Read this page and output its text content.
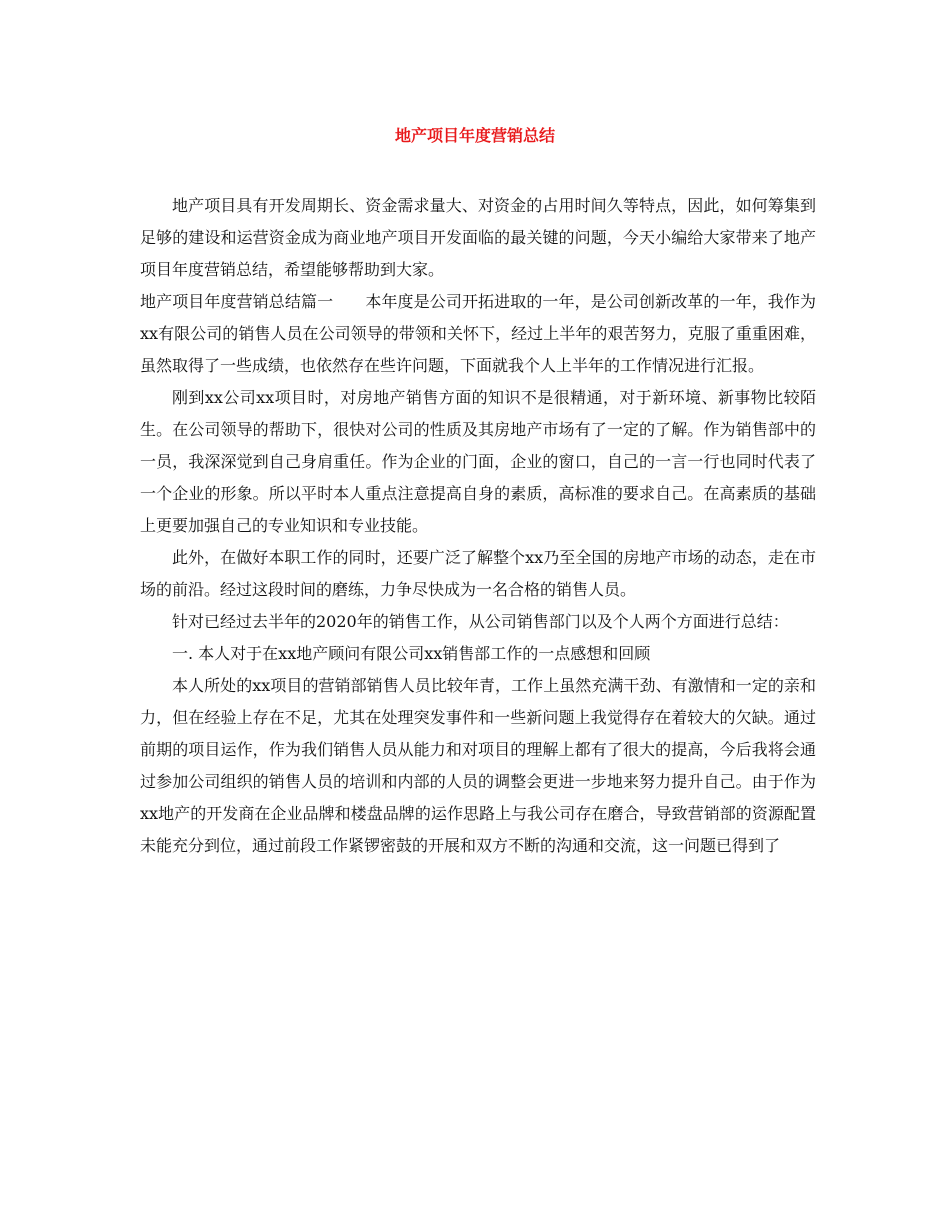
地产项目年度营销总结

地产项目具有开发周期长、资金需求量大、对资金的占用时间久等特点，因此，如何筹集到足够的建设和运营资金成为商业地产项目开发面临的最关键的问题，今天小编给大家带来了地产项目年度营销总结，希望能够帮助到大家。

地产项目年度营销总结篇一　　本年度是公司开拓进取的一年，是公司创新改革的一年，我作为xx有限公司的销售人员在公司领导的带领和关怀下，经过上半年的艰苦努力，克服了重重困难，虽然取得了一些成绩，也依然存在些许问题，下面就我个人上半年的工作情况进行汇报。

刚到xx公司xx项目时，对房地产销售方面的知识不是很精通，对于新环境、新事物比较陌生。在公司领导的帮助下，很快对公司的性质及其房地产市场有了一定的了解。作为销售部中的一员，我深深觉到自己身肩重任。作为企业的门面，企业的窗口，自己的一言一行也同时代表了一个企业的形象。所以平时本人重点注意提高自身的素质，高标准的要求自己。在高素质的基础上更要加强自己的专业知识和专业技能。

此外，在做好本职工作的同时，还要广泛了解整个xx乃至全国的房地产市场的动态，走在市场的前沿。经过这段时间的磨练，力争尽快成为一名合格的销售人员。

针对已经过去半年的2020年的销售工作，从公司销售部门以及个人两个方面进行总结：

一. 本人对于在xx地产顾问有限公司xx销售部工作的一点感想和回顾

本人所处的xx项目的营销部销售人员比较年青，工作上虽然充满干劲、有激情和一定的亲和力，但在经验上存在不足，尤其在处理突发事件和一些新问题上我觉得存在着较大的欠缺。通过前期的项目运作，作为我们销售人员从能力和对项目的理解上都有了很大的提高，今后我将会通过参加公司组织的销售人员的培训和内部的人员的调整会更进一步地来努力提升自己。由于作为xx地产的开发商在企业品牌和楼盘品牌的运作思路上与我公司存在磨合，导致营销部的资源配置未能充分到位，通过前段工作紧锣密鼓的开展和双方不断的沟通和交流，这一问题已得到了
